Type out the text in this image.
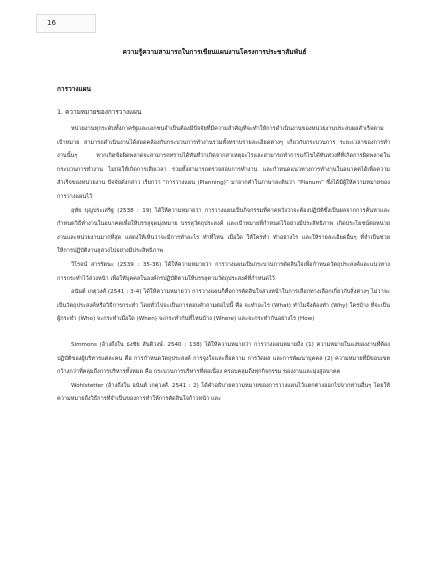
16
ความรู้ความสามารถในการเขียนแผนงานโครงการประชาสัมพันธ์
การวางแผน
1. ความหมายของการวางแผน

หน่วยงานทุกระดับทั้งภาครัฐและเอกชนจำเป็นต้องมีปัจจัยที่มีความสำคัญที่จะทำให้การดำเนินงานของหน่วยงานประสบผลสำเร็จตามเป้าหมาย สามารถดำเนินงานได้สอดคล้องกับกระบวนการทำงานรวมทั้งทราบรายละเอียดต่างๆ เกี่ยวกับกระบวนการ ระยะเวลาของการทำงานนั้นๆ หากเกิดข้อผิดพลาดจะสามารถทราบได้ทันทีว่าเกิดจากสาเหตุอะไรและสามารถทำการแก้ไขได้ทันท่วงทีที่เกิดการผิดพลาดในกระบวนการทำงาน ไม่ก่อให้เกิดการเสียเวลา รวมทั้งสามารถตรวจสอบการทำงาน และกำหนดแนวทางการทำงานในอนาคตได้เพื่อความสำเร็จของหน่วยงาน ปัจจัยดังกล่าว เรียกว่า “การวางแผน (Planning)” มาจากคำในภาษาละตินว่า “Planum” ซึ่งได้มีผู้ให้ความหมายของการวางแผนไว้

อุทัย บุญประเสริฐ (2538 : 19) ได้ให้ความหมายว่า การวางแผนเป็นกิจกรรมที่คาดหวังว่าจะต้องปฏิบัติซึ่งเป็นผลจากการค้นหาและกำหนดวิธีทำงานในอนาคตเพื่อให้บรรลุจุดมุ่งหมาย บรรลุวัตถุประสงค์ และเป้าหมายที่กำหนดไว้อย่างมีประสิทธิภาพ เกิดประโยชน์ต่อหน่วยงานและหน่วยงานมากที่สุด แสดงให้เห็นว่าจะมีการทำอะไร ทำที่ไหน เมื่อใด ให้ใครทำ ทำอย่างไร และให้รายละเอียดอื่นๆ ที่จำเป็นช่วยให้การปฏิบัติงานลุล่วงไปอย่างมีประสิทธิภาพ

วีโรจน์ สารรัตนะ (2539 : 35-36) ได้ให้ความหมายว่า การวางแผนเป็นกระบวนการตัดสินใจเพื่อกำหนดวัตถุประสงค์และแนวทางการกระทำไว้ล่วงหน้า เพื่อให้บุคคลในองค์กรปฏิบัติตามให้บรรลุตามวัตถุประสงค์ที่กำหนดไว้

อนันต์ เกตุวงศ์ (2541 : 3-4) ได้ให้ความหมายว่า การวางแผนก็คือการตัดสินใจล่วงหน้าในการเลือกทางเลือกเกี่ยวกับสิ่งต่างๆ ไม่ว่าจะเป็นวัตถุประสงค์หรือวิธีการกระทำ โดยทั่วไปจะเป็นการตอบคำถามต่อไปนี้ คือ จะทำอะไร (What) ทำไมจึงต้องทำ (Why) ใครบ้าง ที่จะเป็นผู้กระทำ (Who) จะกระทำเมื่อใด (When) จะกระทำกันที่ไหนบ้าง (Where) และจะกระทำกันอย่างไร (How)

Simmons (อ้างถึงใน ธงชัย สันติวงษ์. 2540 : 138) ได้ให้ความหมายว่า การวางแผนหมายถึง (1) ความหมายในแง่ของงานที่ต้องปฏิบัติของผู้บริหารแต่ละคน คือ การกำหนดวัตถุประสงค์ การจูงใจและสื่อความ การวัดผล และการพัฒนาบุคคล (2) ความหมายที่มีขอบเขตกว้างกว่าที่คลุมถึงการบริหารทั้งหมด คือ กระบวนการบริหารที่ต่อเนื่อง ครอบคลุมถึงทุกกิจกรรม ของงานและมุ่งสู่อนาคต

Wohlstetter (อ้างถึงใน อนันต์ เกตุวงศ์. 2541 : 2) ได้คำอธิบายความหมายของการวางแผนไว้แตกต่างออกไปจากท่านอื่นๆ โดยให้ความหมายถึงวิธีการที่จำเป็นของการทำให้การตัดสินใจก้าวหน้า และ
